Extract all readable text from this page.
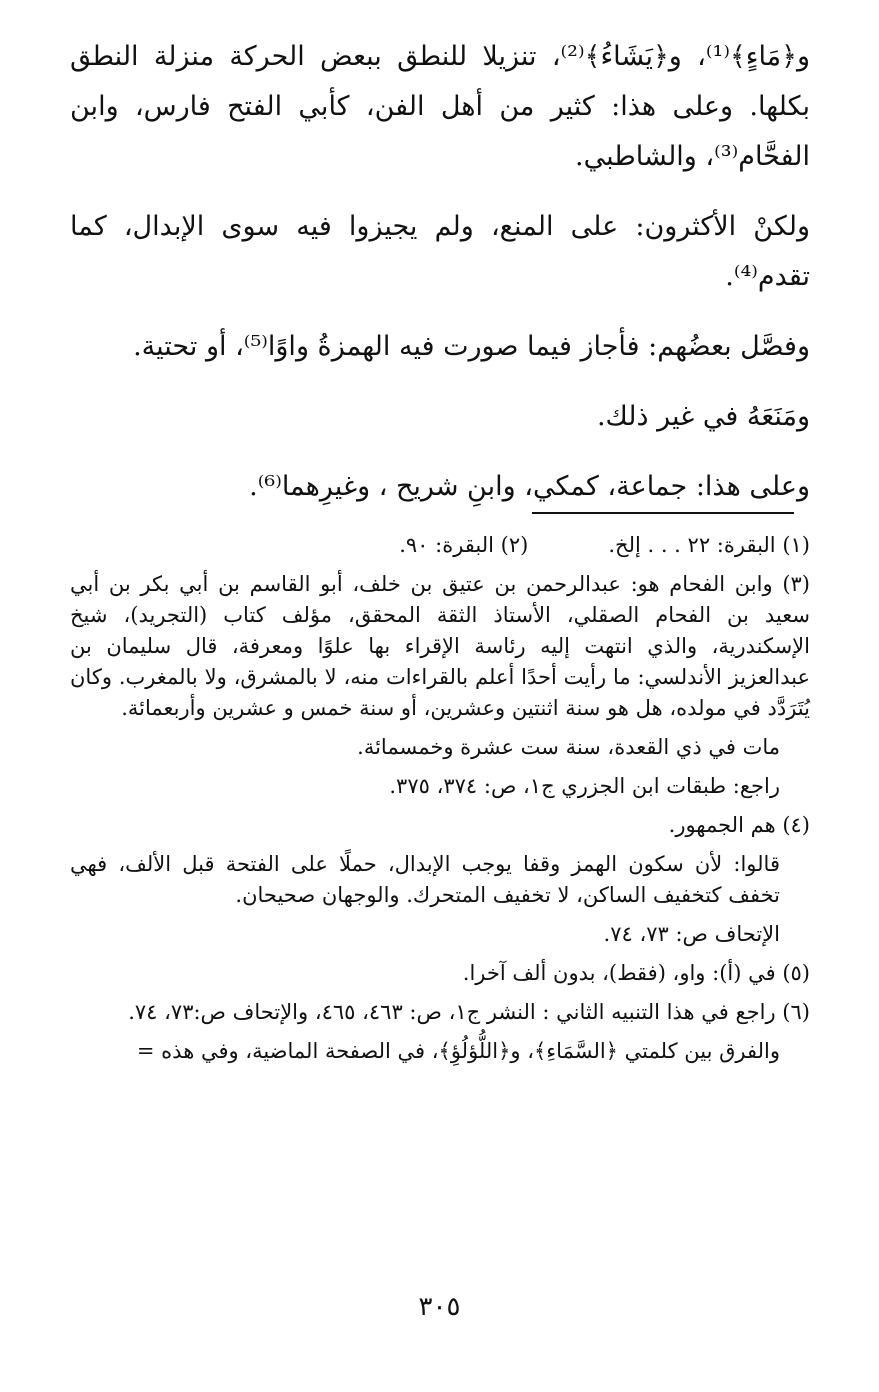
و﴿مَاءٍ﴾⁽¹⁾، و﴿يَشَاءُ﴾⁽²⁾، تنزيلا للنطق ببعض الحركة منزلة النطق بكلها. وعلى هذا: كثير من أهل الفن، كأبي الفتح فارس، وابن الفحَّام⁽³⁾، والشاطبي.

ولكنْ الأكثرون: على المنع، ولم يجيزوا فيه سوى الإبدال، كما تقدم⁽⁴⁾.

وفصَّل بعضُهم: فأجاز فيما صورت فيه الهمزةُ واوًا⁽⁵⁾، أو تحتية.

ومَنَعَهُ في غير ذلك.

وعلى هذا: جماعة، كمكي، وابنِ شريح ، وغيرِهما⁽⁶⁾.

(١) البقرة: ٢٢ . . . إلخ.
(٢) البقرة: ٩٠.

(٣) وابن الفحام هو: عبدالرحمن بن عتيق بن خلف، أبو القاسم بن أبي بكر بن أبي سعيد بن الفحام الصقلي، الأستاذ الثقة المحقق، مؤلف كتاب (التجريد)، شيخ الإسكندرية، والذي انتهت إليه رئاسة الإقراء بها علوًا ومعرفة، قال سليمان بن عبدالعزيز الأندلسي: ما رأيت أحدًا أعلم بالقراءات منه، لا بالمشرق، ولا بالمغرب. وكان يُتَرَدَّد في مولده، هل هو سنة اثنتين وعشرين، أو سنة خمس و عشرين وأربعمائة.

مات في ذي القعدة، سنة ست عشرة وخمسمائة.

راجع: طبقات ابن الجزري ج١، ص: ٣٧٤، ٣٧٥.

(٤) هم الجمهور.

قالوا: لأن سكون الهمز وقفا يوجب الإبدال، حملًا على الفتحة قبل الألف، فهي تخفف كتخفيف الساكن، لا تخفيف المتحرك. والوجهان صحيحان.

الإتحاف ص: ٧٣، ٧٤.

(٥) في (أ): واو، (فقط)، بدون ألف آخرا.

(٦) راجع في هذا التنبيه الثاني : النشر ج١، ص: ٤٦٣، ٤٦٥، والإتحاف ص:٧٣، ٧٤.

والفرق بين كلمتي ﴿السَّمَاءِ﴾، و﴿اللُّؤلُؤِ﴾، في الصفحة الماضية، وفي هذه =

٣٠٥
